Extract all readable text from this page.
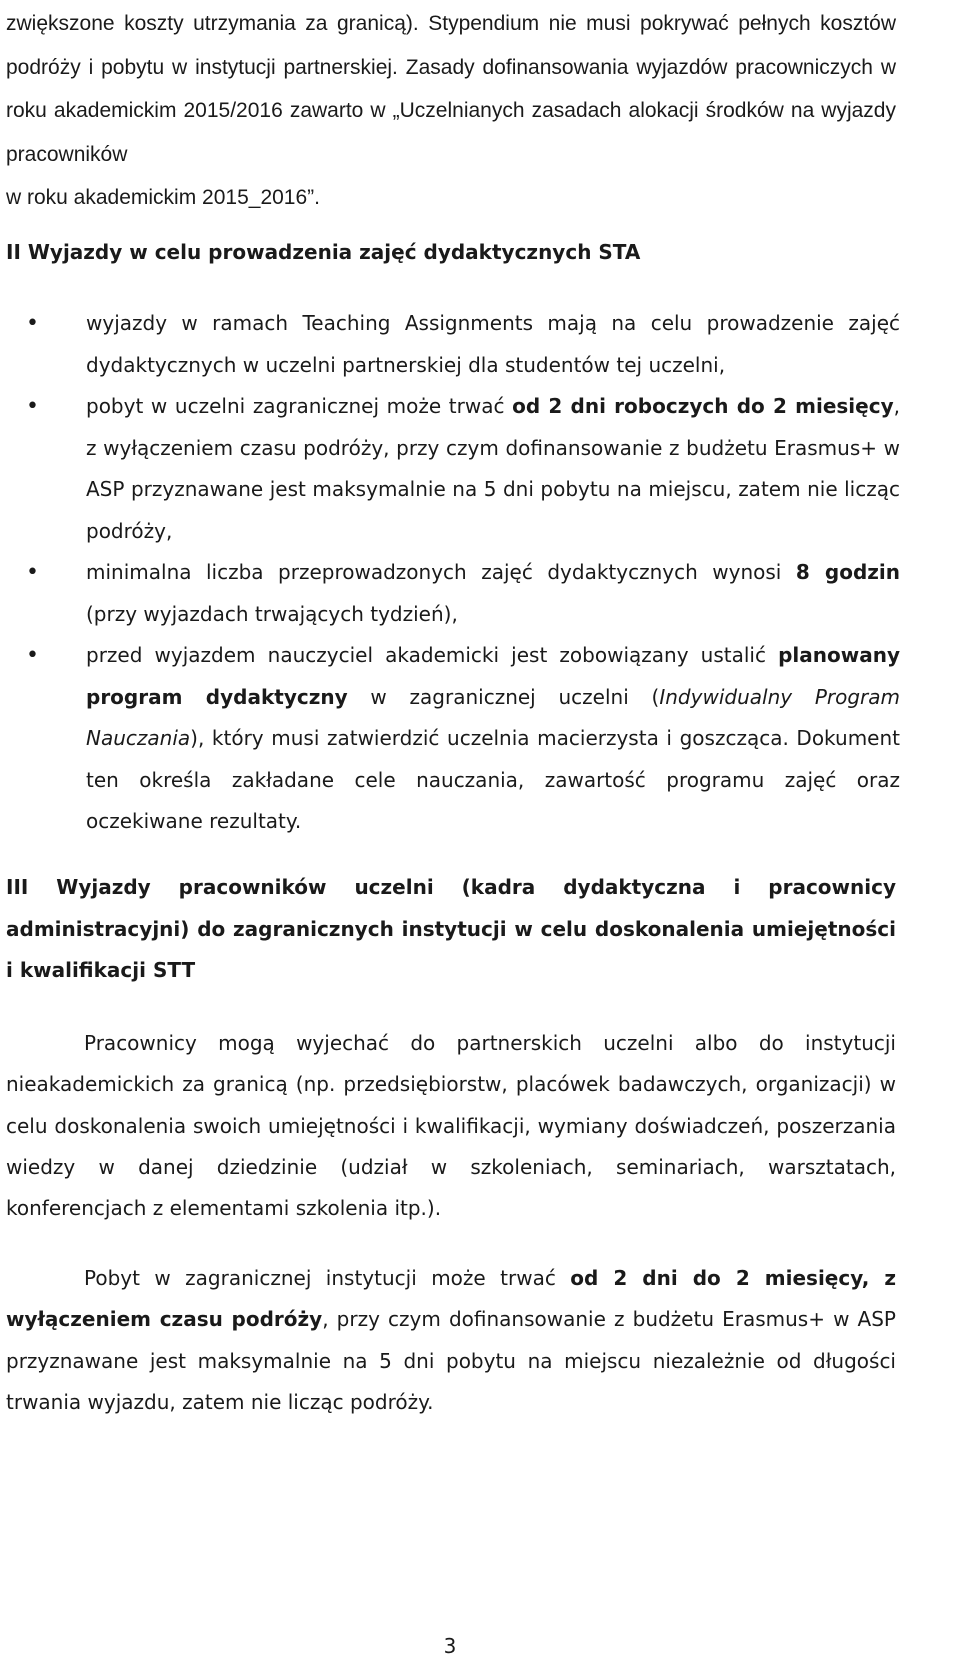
zwiększone koszty utrzymania za granicą). Stypendium nie musi pokrywać pełnych kosztów podróży i pobytu w instytucji partnerskiej. Zasady dofinansowania wyjazdów pracowniczych w roku akademickim 2015/2016 zawarto w „Uczelnianych zasadach alokacji środków na wyjazdy pracowników
w roku akademickim 2015_2016”.

II Wyjazdy w celu prowadzenia zajęć dydaktycznych STA
• wyjazdy w ramach Teaching Assignments mają na celu prowadzenie zajęć dydaktycznych w uczelni partnerskiej dla studentów tej uczelni,
• pobyt w uczelni zagranicznej może trwać od 2 dni roboczych do 2 miesięcy, z wyłączeniem czasu podróży, przy czym dofinansowanie z budżetu Erasmus+ w ASP przyznawane jest maksymalnie na 5 dni pobytu na miejscu, zatem nie licząc podróży,
• minimalna liczba przeprowadzonych zajęć dydaktycznych wynosi 8 godzin (przy wyjazdach trwających tydzień),
• przed wyjazdem nauczyciel akademicki jest zobowiązany ustalić planowany program dydaktyczny w zagranicznej uczelni (Indywidualny Program Nauczania), który musi zatwierdzić uczelnia macierzysta i goszcząca. Dokument ten określa zakładane cele nauczania, zawartość programu zajęć oraz oczekiwane rezultaty.
III Wyjazdy pracowników uczelni (kadra dydaktyczna i pracownicy administracyjni) do zagranicznych instytucji w celu doskonalenia umiejętności i kwalifikacji STT

Pracownicy mogą wyjechać do partnerskich uczelni albo do instytucji nieakademickich za granicą (np. przedsiębiorstw, placówek badawczych, organizacji) w celu doskonalenia swoich umiejętności i kwalifikacji, wymiany doświadczeń, poszerzania wiedzy w danej dziedzinie (udział w szkoleniach, seminariach, warsztatach, konferencjach z elementami szkolenia itp.).

Pobyt w zagranicznej instytucji może trwać od 2 dni do 2 miesięcy, z wyłączeniem czasu podróży, przy czym dofinansowanie z budżetu Erasmus+ w ASP przyznawane jest maksymalnie na 5 dni pobytu na miejscu niezależnie od długości trwania wyjazdu, zatem nie licząc podróży.

3
